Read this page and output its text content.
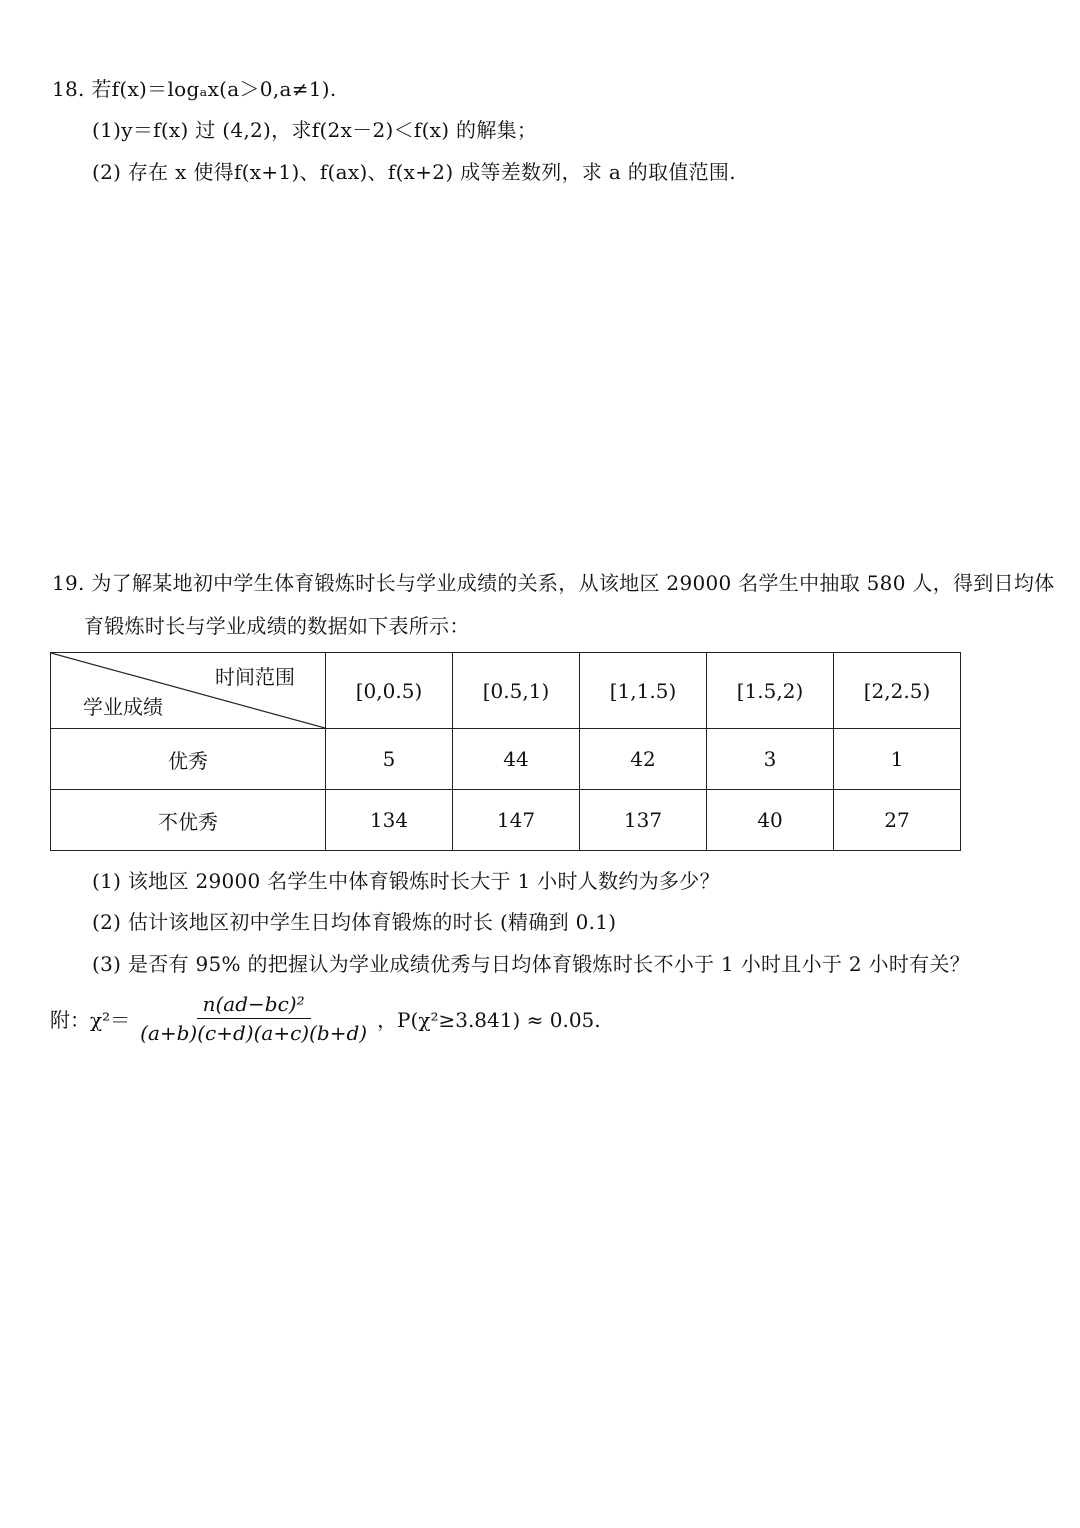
18. 若f(x)＝logₐx(a＞0,a≠1).
(1)y＝f(x) 过 (4,2)，求f(2x－2)＜f(x) 的解集；
(2) 存在 x 使得f(x+1)、f(ax)、f(x+2) 成等差数列，求 a 的取值范围.
19. 为了解某地初中学生体育锻炼时长与学业成绩的关系，从该地区 29000 名学生中抽取 580 人，得到日均体
育锻炼时长与学业成绩的数据如下表所示：
时间范围
学业成绩	[0,0.5)	[0.5,1)	[1,1.5)	[1.5,2)	[2,2.5)
优秀	5	44	42	3	1
不优秀	134	147	137	40	27
(1) 该地区 29000 名学生中体育锻炼时长大于 1 小时人数约为多少？
(2) 估计该地区初中学生日均体育锻炼的时长 (精确到 0.1)
(3) 是否有 95% 的把握认为学业成绩优秀与日均体育锻炼时长不小于 1 小时且小于 2 小时有关？
附：$\chi^2= \frac{\text{n(ad−bc)²}}{(a+b)(c+d)(a+c)(b+d)}$ ，P(χ²≥3.841) ≈ 0.05.
